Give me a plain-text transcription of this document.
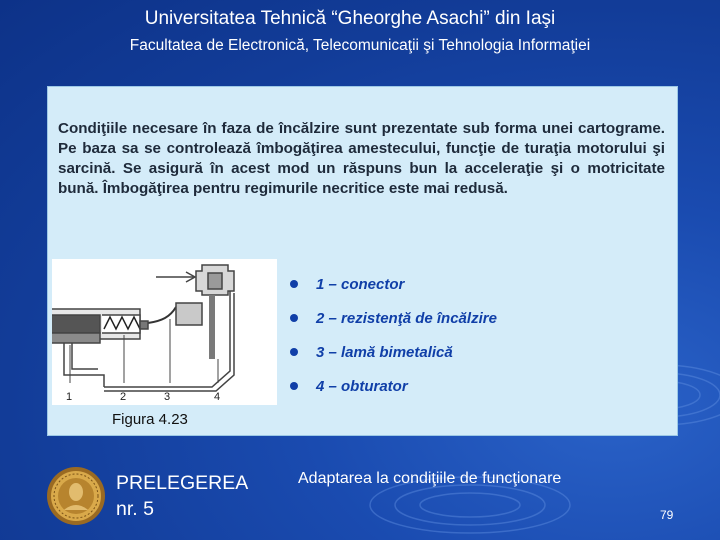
Universitatea Tehnică “Gheorghe Asachi” din Iaşi
Facultatea de Electronică, Telecomunicaţii şi Tehnologia Informaţiei
Condiţiile necesare în faza de încălzire sunt prezentate sub forma unei cartograme. Pe baza sa se controlează îmbogăţirea amestecului, funcţie de turaţia motorului şi sarcină. Se asigură în acest mod un răspuns bun la acceleraţie şi o motricitate bună. Îmbogăţirea pentru regimurile necritice este mai redusă.
1	2	3	4
1 – conector
2 – rezistenţă de încălzire
3 – lamă bimetalică
4 – obturator
Figura 4.23
PRELEGEREA
nr. 5
Adaptarea la condiţiile de funcţionare
79
